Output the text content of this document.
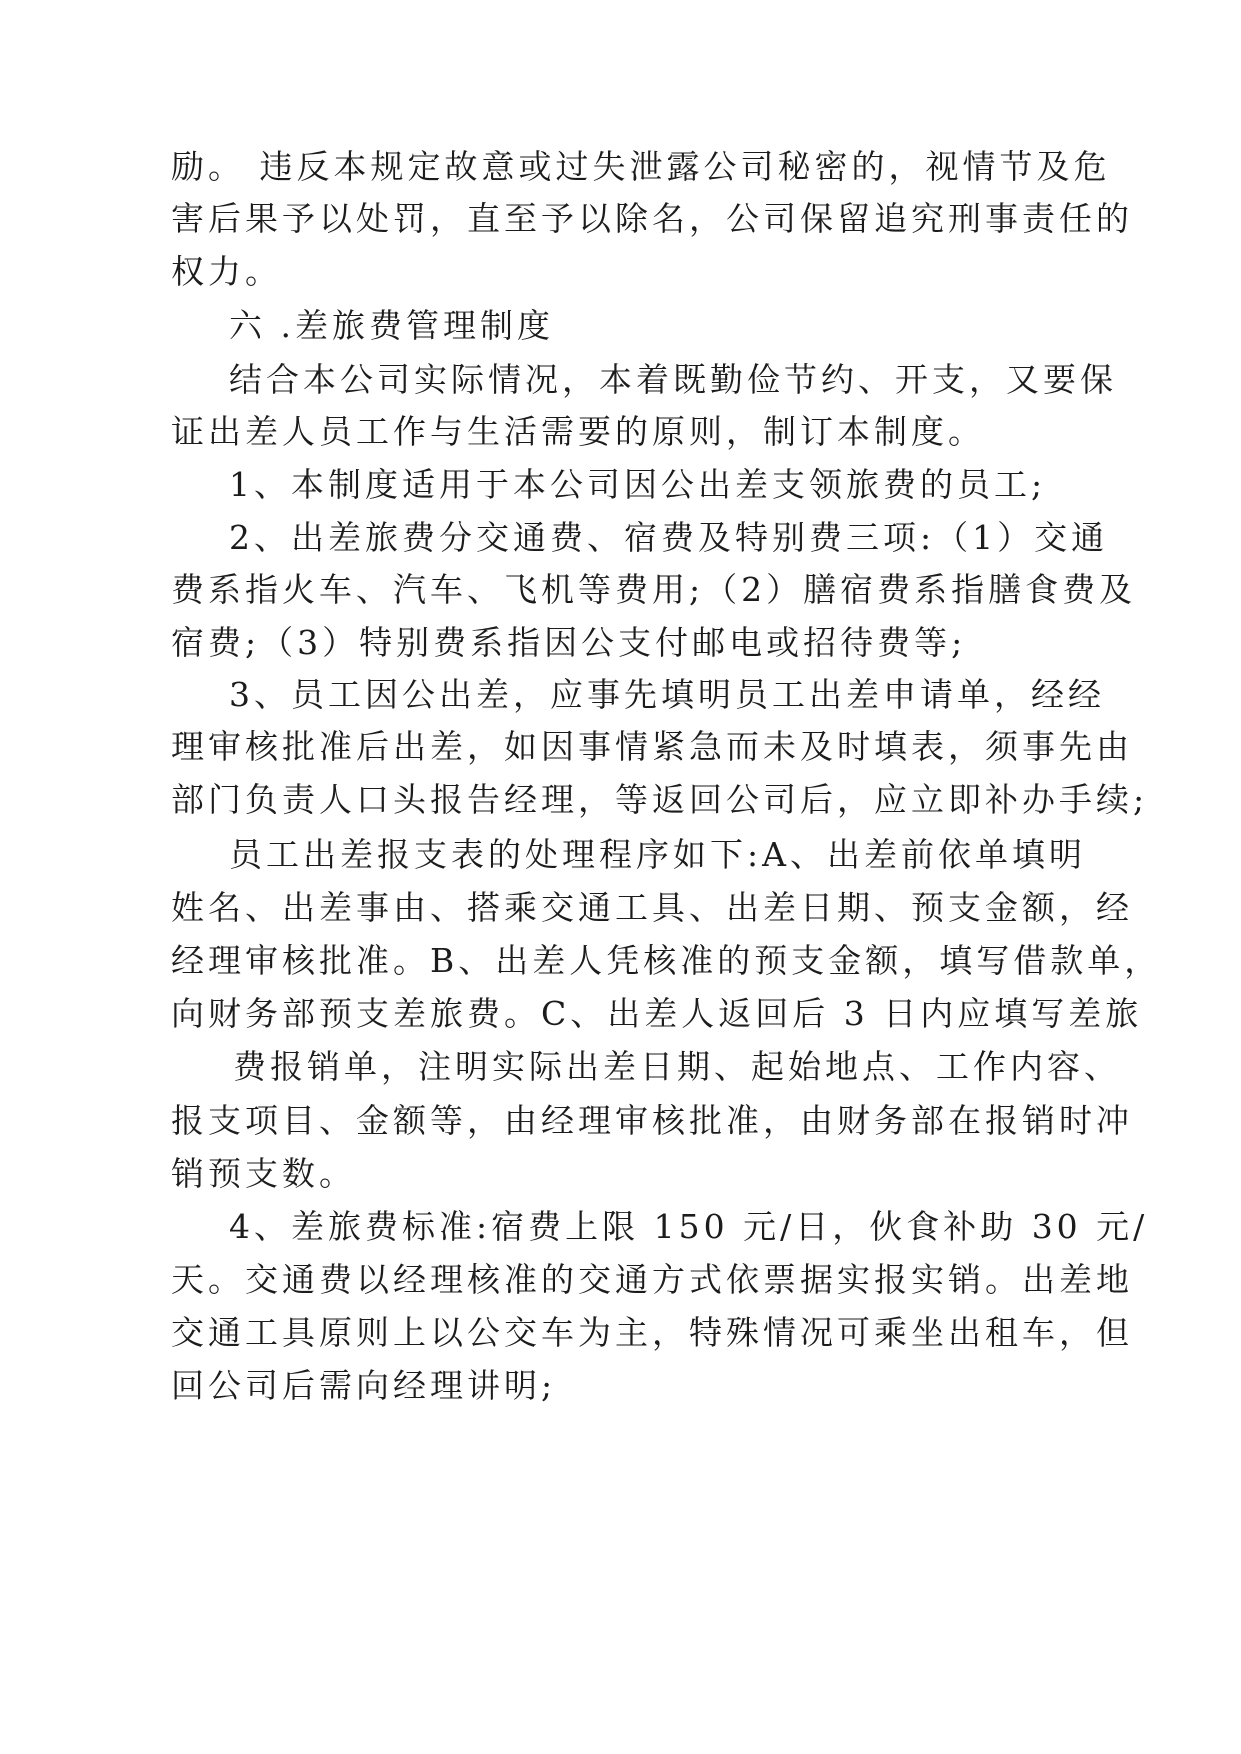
励。 违反本规定故意或过失泄露公司秘密的，视情节及危
害后果予以处罚，直至予以除名，公司保留追究刑事责任的
权力。
六 .差旅费管理制度
结合本公司实际情况，本着既勤俭节约、开支，又要保
证出差人员工作与生活需要的原则，制订本制度。
1、本制度适用于本公司因公出差支领旅费的员工;
2、出差旅费分交通费、宿费及特别费三项:（1）交通
费系指火车、汽车、飞机等费用;（2）膳宿费系指膳食费及
宿费;（3）特别费系指因公支付邮电或招待费等;
3、员工因公出差，应事先填明员工出差申请单，经经
理审核批准后出差，如因事情紧急而未及时填表，须事先由
部门负责人口头报告经理，等返回公司后，应立即补办手续;
员工出差报支表的处理程序如下:A、出差前依单填明
姓名、出差事由、搭乘交通工具、出差日期、预支金额，经
经理审核批准。B、出差人凭核准的预支金额，填写借款单，
向财务部预支差旅费。C、出差人返回后 3 日内应填写差旅
费报销单，注明实际出差日期、起始地点、工作内容、
报支项目、金额等，由经理审核批准，由财务部在报销时冲
销预支数。
4、差旅费标准:宿费上限 150 元/日，伙食补助 30 元/
天。交通费以经理核准的交通方式依票据实报实销。出差地
交通工具原则上以公交车为主，特殊情况可乘坐出租车，但
回公司后需向经理讲明;
